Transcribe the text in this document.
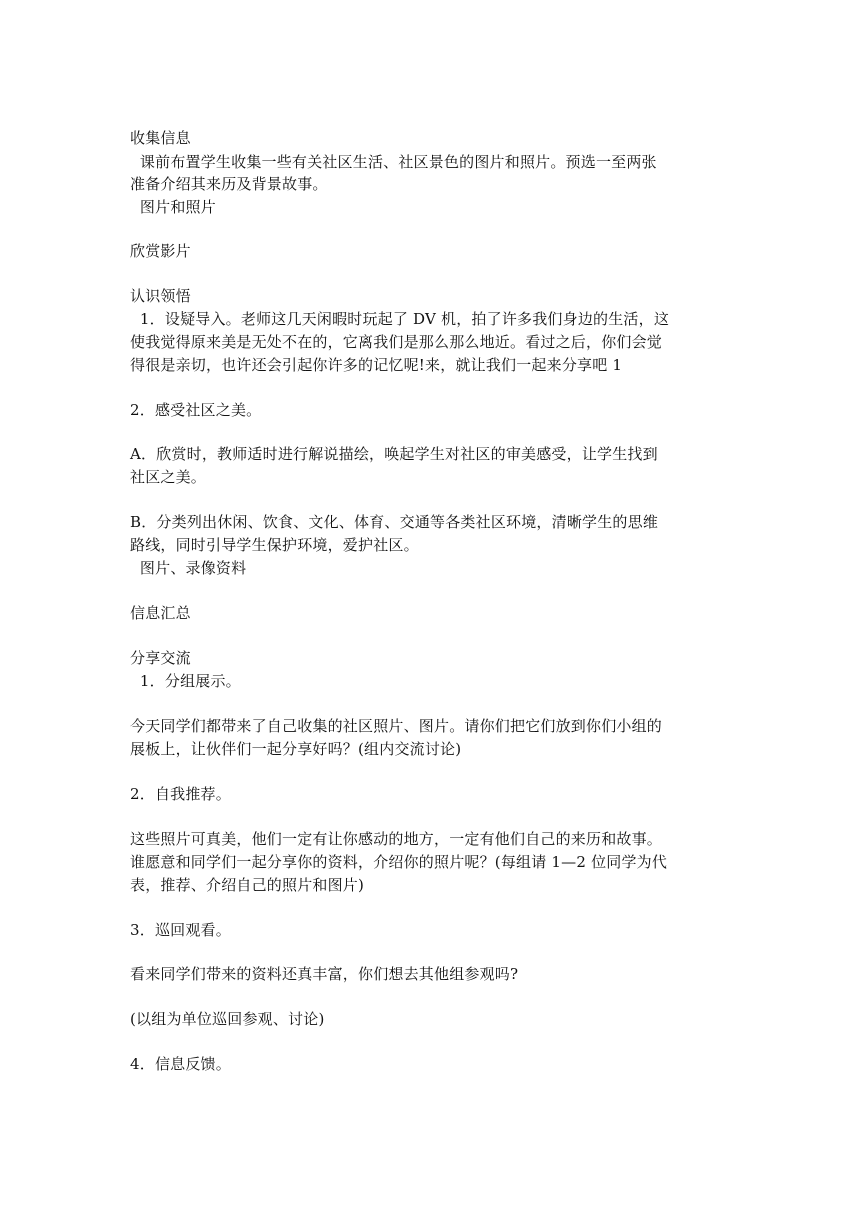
收集信息
课前布置学生收集一些有关社区生活、社区景色的图片和照片。预选一至两张
准备介绍其来历及背景故事。
图片和照片
欣赏影片
认识领悟
1．设疑导入。老师这几天闲暇时玩起了 DV 机，拍了许多我们身边的生活，这
使我觉得原来美是无处不在的，它离我们是那么那么地近。看过之后，你们会觉
得很是亲切，也许还会引起你许多的记忆呢!来，就让我们一起来分享吧 1
2．感受社区之美。
A．欣赏时，教师适时进行解说描绘，唤起学生对社区的审美感受，让学生找到
社区之美。
B．分类列出休闲、饮食、文化、体育、交通等各类社区环境，清晰学生的思维
路线，同时引导学生保护环境，爱护社区。
图片、录像资料
信息汇总
分享交流
1．分组展示。
今天同学们都带来了自己收集的社区照片、图片。请你们把它们放到你们小组的
展板上，让伙伴们一起分享好吗？(组内交流讨论)
2．自我推荐。
这些照片可真美，他们一定有让你感动的地方，一定有他们自己的来历和故事。
谁愿意和同学们一起分享你的资料，介绍你的照片呢？(每组请 1—2 位同学为代
表，推荐、介绍自己的照片和图片)
3．巡回观看。
看来同学们带来的资料还真丰富，你们想去其他组参观吗?
(以组为单位巡回参观、讨论)
4．信息反馈。
